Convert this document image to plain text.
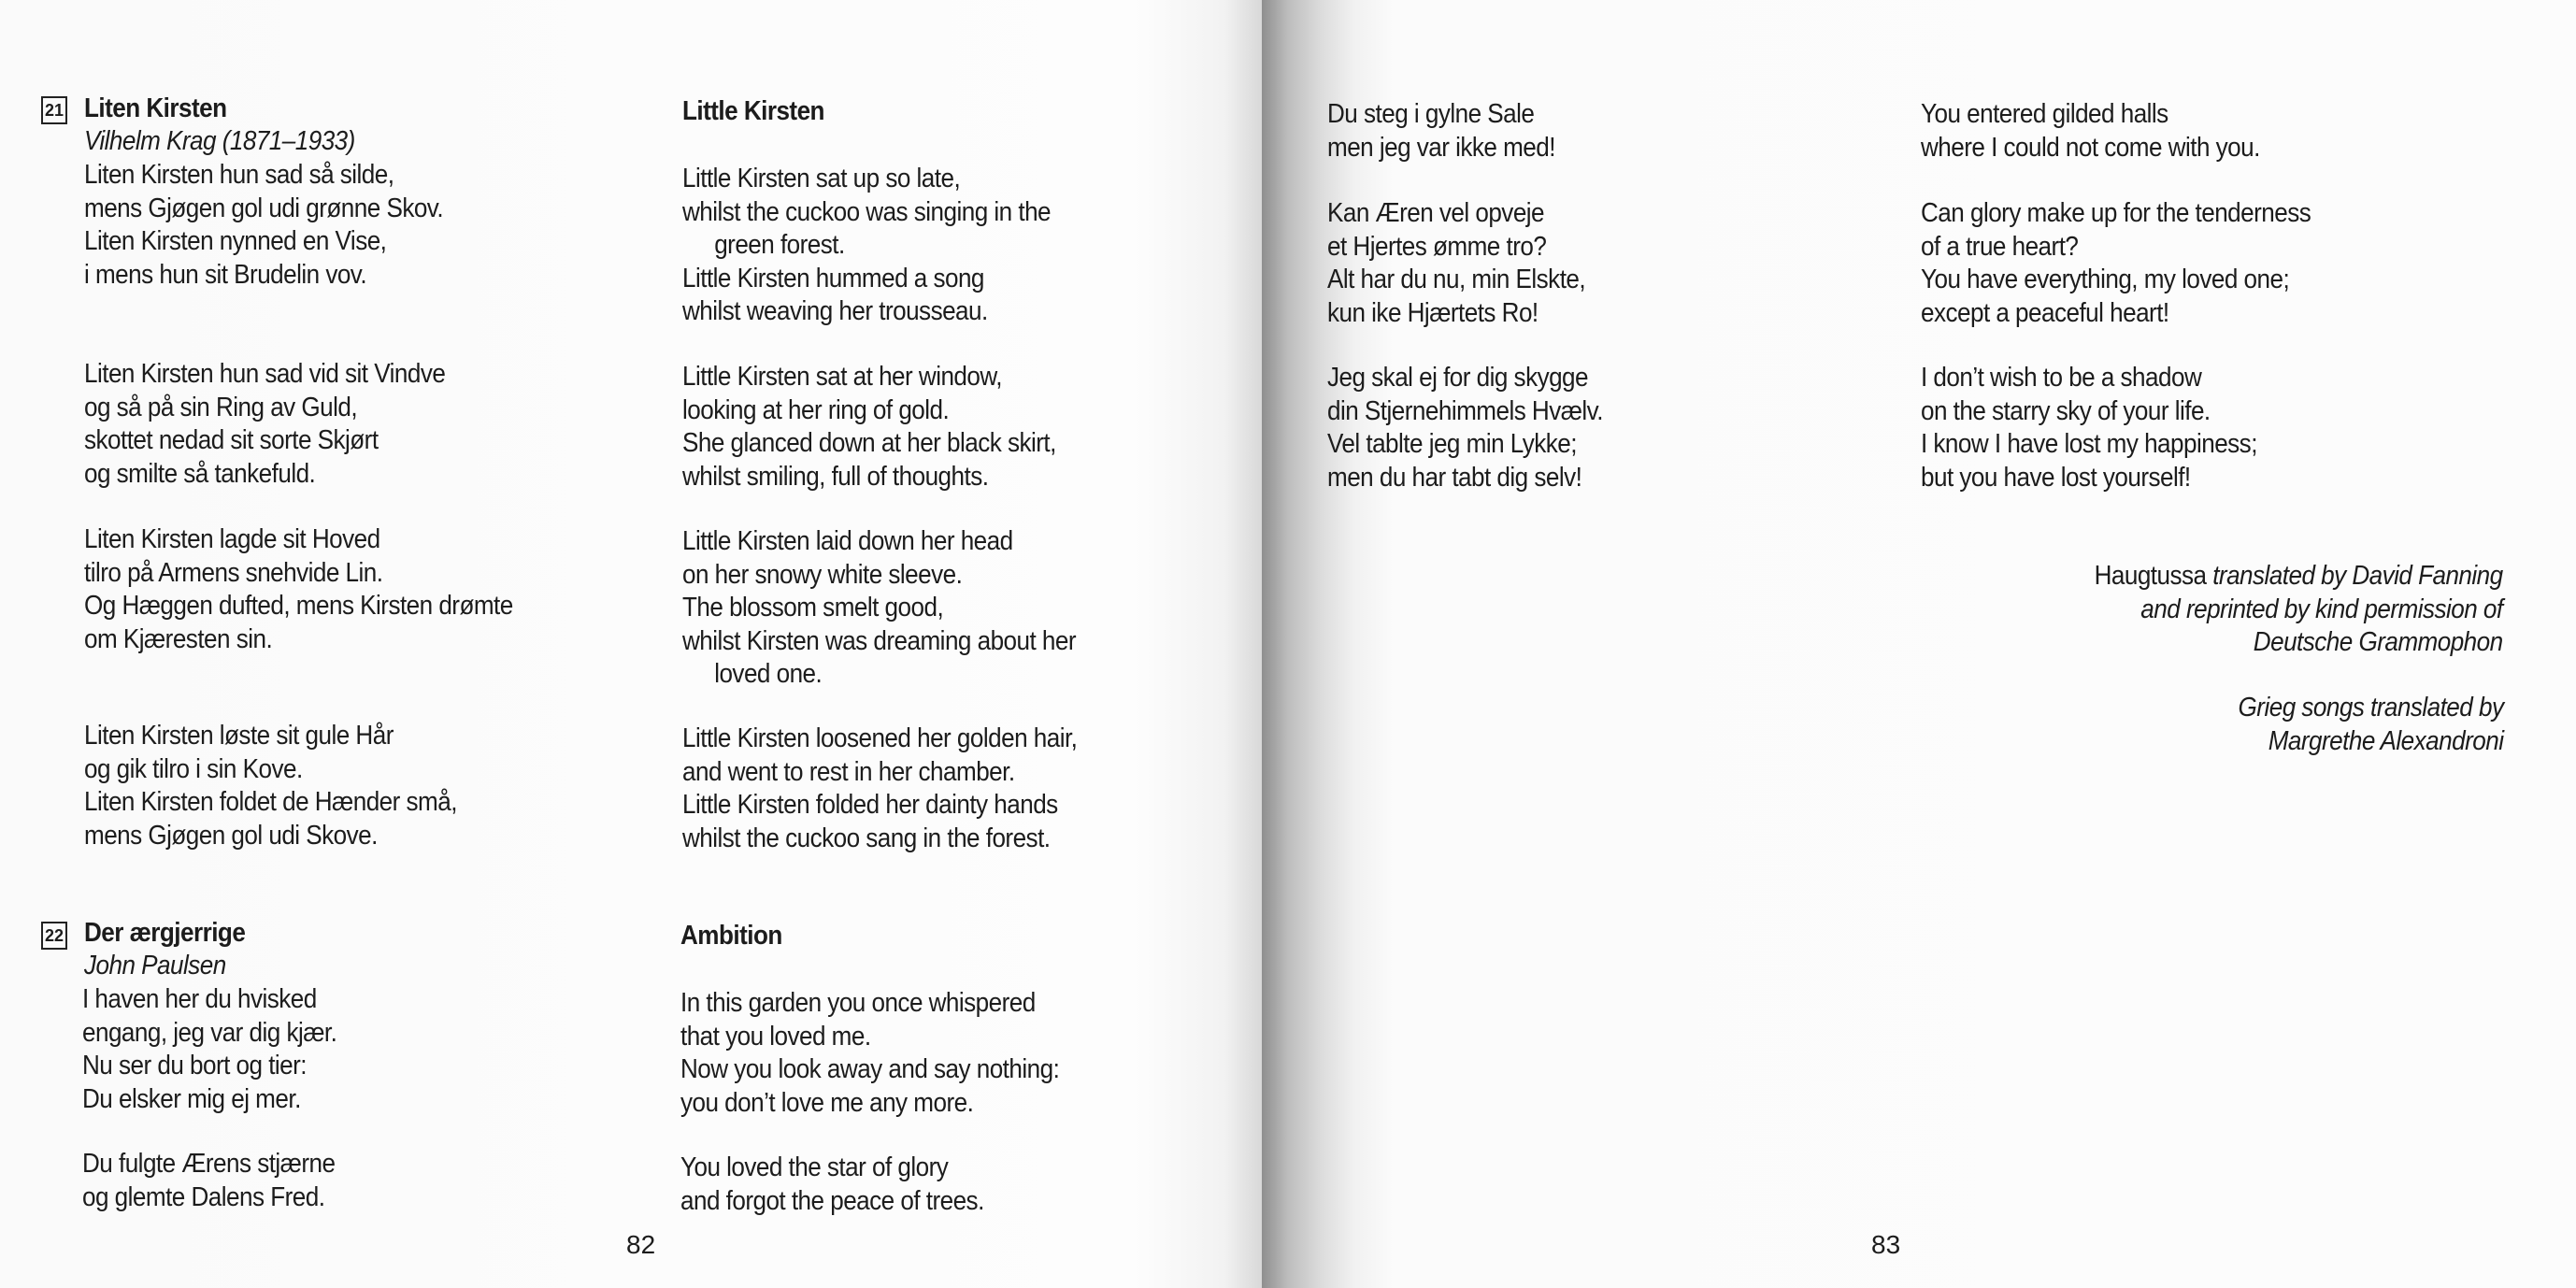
21 Liten Kirsten
Vilhelm Krag (1871–1933)
Liten Kirsten hun sad så silde,
mens Gjøgen gol udi grønne Skov.
Liten Kirsten nynned en Vise,
i mens hun sit Brudelin vov.
Liten Kirsten hun sad vid sit Vindve
og så på sin Ring av Guld,
skottet nedad sit sorte Skjørt
og smilte så tankefuld.
Liten Kirsten lagde sit Hoved
tilro på Armens snehvide Lin.
Og Hæggen dufted, mens Kirsten drømte
om Kjæresten sin.
Liten Kirsten løste sit gule Hår
og gik tilro i sin Kove.
Liten Kirsten foldet de Hænder små,
mens Gjøgen gol udi Skove.
22 Der ærgjerrige
John Paulsen
I haven her du hvisked
engang, jeg var dig kjær.
Nu ser du bort og tier:
Du elsker mig ej mer.
Du fulgte Ærens stjærne
og glemte Dalens Fred.
Little Kirsten
Little Kirsten sat up so late,
whilst the cuckoo was singing in the
green forest.
Little Kirsten hummed a song
whilst weaving her trousseau.
Little Kirsten sat at her window,
looking at her ring of gold.
She glanced down at her black skirt,
whilst smiling, full of thoughts.
Little Kirsten laid down her head
on her snowy white sleeve.
The blossom smelt good,
whilst Kirsten was dreaming about her
loved one.
Little Kirsten loosened her golden hair,
and went to rest in her chamber.
Little Kirsten folded her dainty hands
whilst the cuckoo sang in the forest.
Ambition
In this garden you once whispered
that you loved me.
Now you look away and say nothing:
you don’t love me any more.
You loved the star of glory
and forgot the peace of trees.
82
Du steg i gylne Sale
men jeg var ikke med!
Kan Æren vel opveje
et Hjertes ømme tro?
Alt har du nu, min Elskte,
kun ike Hjærtets Ro!
Jeg skal ej for dig skygge
din Stjernehimmels Hvælv.
Vel tablte jeg min Lykke;
men du har tabt dig selv!
You entered gilded halls
where I could not come with you.
Can glory make up for the tenderness
of a true heart?
You have everything, my loved one;
except a peaceful heart!
I don’t wish to be a shadow
on the starry sky of your life.
I know I have lost my happiness;
but you have lost yourself!
Haugtussa translated by David Fanning
and reprinted by kind permission of
Deutsche Grammophon
Grieg songs translated by
Margrethe Alexandroni
83
